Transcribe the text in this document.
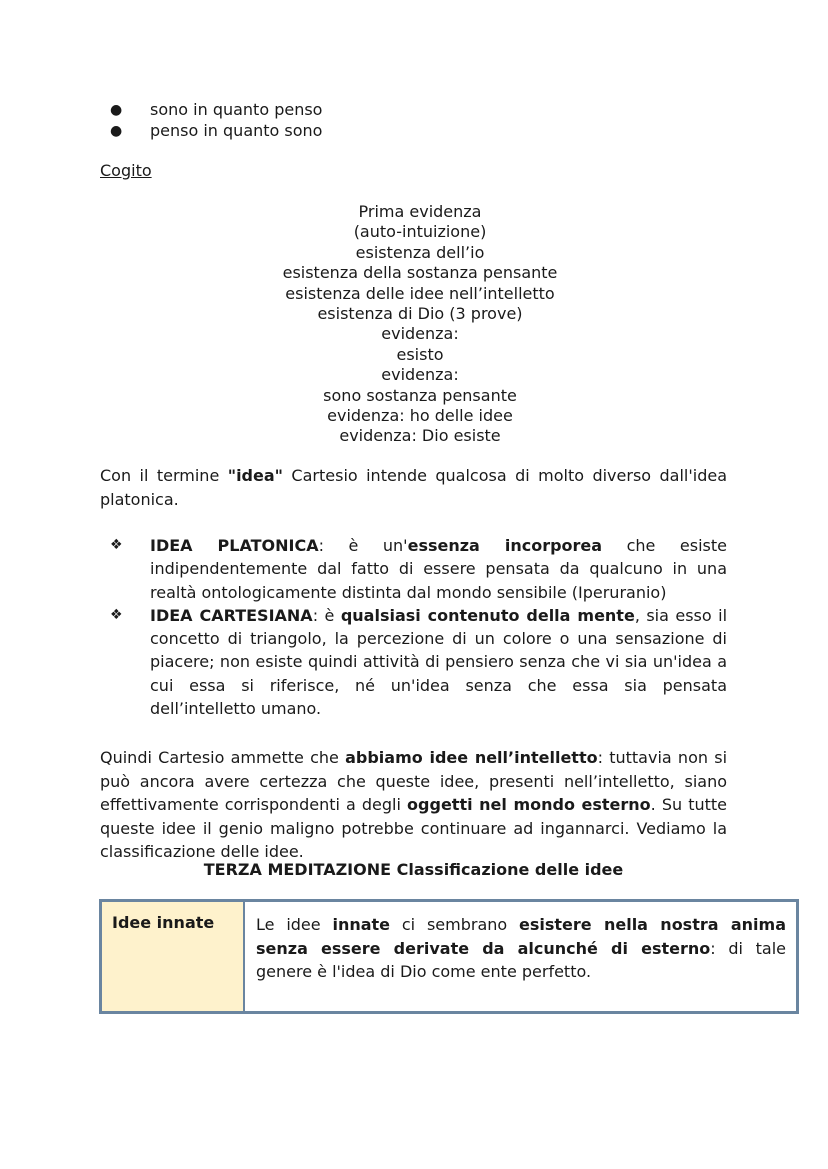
● sono in quanto penso
● penso in quanto sono
Cogito
Prima evidenza
(auto-intuizione)
esistenza dell’io
esistenza della sostanza pensante
esistenza delle idee nell’intelletto
esistenza di Dio (3 prove)
evidenza:
esisto
evidenza:
sono sostanza pensante
evidenza: ho delle idee
evidenza: Dio esiste

Con il termine "idea" Cartesio intende qualcosa di molto diverso dall'idea platonica.

❖ IDEA PLATONICA: è un'essenza incorporea che esiste indipendentemente dal fatto di essere pensata da qualcuno in una realtà ontologicamente distinta dal mondo sensibile (Iperuranio)
❖ IDEA CARTESIANA: è qualsiasi contenuto della mente, sia esso il concetto di triangolo, la percezione di un colore o una sensazione di piacere; non esiste quindi attività di pensiero senza che vi sia un'idea a cui essa si riferisce, né un'idea senza che essa sia pensata dell’intelletto umano.

Quindi Cartesio ammette che abbiamo idee nell’intelletto: tuttavia non si può ancora avere certezza che queste idee, presenti nell’intelletto, siano effettivamente corrispondenti a degli oggetti nel mondo esterno. Su tutte queste idee il genio maligno potrebbe continuare ad ingannarci. Vediamo la classificazione delle idee.

TERZA MEDITAZIONE Classificazione delle idee
Idee innate	Le idee innate ci sembrano esistere nella nostra anima senza essere derivate da alcunché di esterno: di tale genere è l'idea di Dio come ente perfetto.
